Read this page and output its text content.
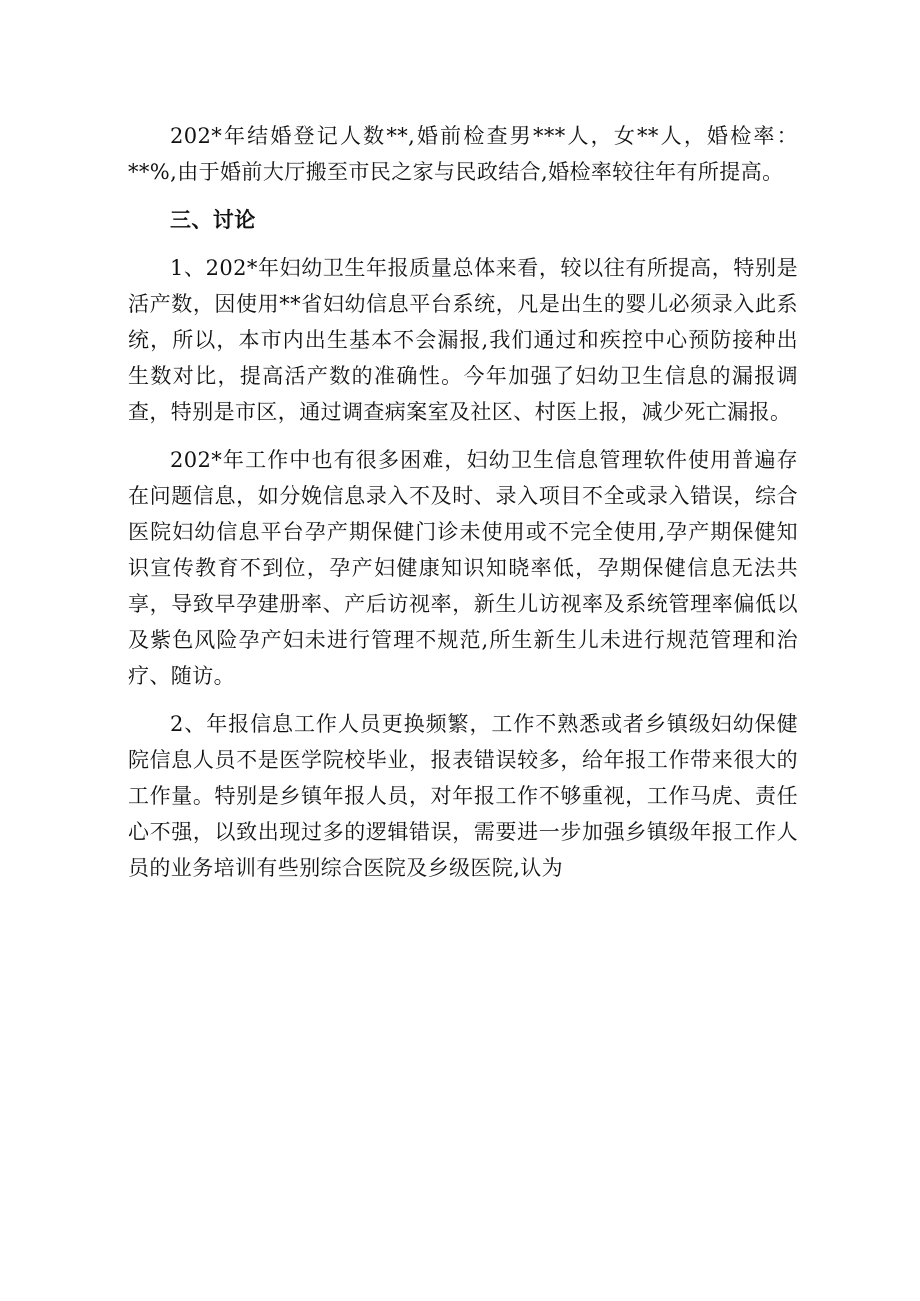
202*年结婚登记人数**,婚前检查男***人，女**人，婚检率：**%,由于婚前大厅搬至市民之家与民政结合,婚检率较往年有所提高。

三、讨论

1、202*年妇幼卫生年报质量总体来看，较以往有所提高，特别是活产数，因使用**省妇幼信息平台系统，凡是出生的婴儿必须录入此系统，所以，本市内出生基本不会漏报,我们通过和疾控中心预防接种出生数对比，提高活产数的准确性。今年加强了妇幼卫生信息的漏报调查，特别是市区，通过调查病案室及社区、村医上报，减少死亡漏报。

202*年工作中也有很多困难，妇幼卫生信息管理软件使用普遍存在问题信息，如分娩信息录入不及时、录入项目不全或录入错误，综合医院妇幼信息平台孕产期保健门诊未使用或不完全使用,孕产期保健知识宣传教育不到位，孕产妇健康知识知晓率低，孕期保健信息无法共享，导致早孕建册率、产后访视率，新生儿访视率及系统管理率偏低以及紫色风险孕产妇未进行管理不规范,所生新生儿未进行规范管理和治疗、随访。

2、年报信息工作人员更换频繁，工作不熟悉或者乡镇级妇幼保健院信息人员不是医学院校毕业，报表错误较多，给年报工作带来很大的工作量。特别是乡镇年报人员，对年报工作不够重视，工作马虎、责任心不强，以致出现过多的逻辑错误，需要进一步加强乡镇级年报工作人员的业务培训有些别综合医院及乡级医院,认为
